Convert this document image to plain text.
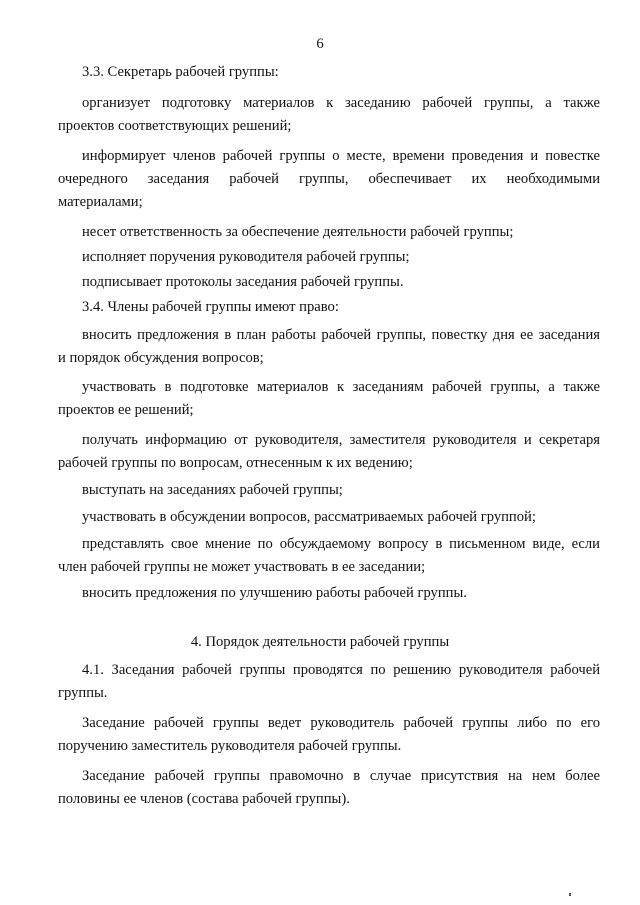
6
3.3. Секретарь рабочей группы:
организует подготовку материалов к заседанию рабочей группы, а также
проектов соответствующих решений;
информирует членов рабочей группы о месте, времени проведения и повестке
очередного заседания рабочей группы, обеспечивает их необходимыми
материалами;
несет ответственность за обеспечение деятельности рабочей группы;
исполняет поручения руководителя рабочей группы;
подписывает протоколы заседания рабочей группы.
3.4. Члены рабочей группы имеют право:
вносить предложения в план работы рабочей группы, повестку дня ее заседания
и порядок обсуждения вопросов;
участвовать в подготовке материалов к заседаниям рабочей группы, а также
проектов ее решений;
получать информацию от руководителя, заместителя руководителя и секретаря
рабочей группы по вопросам, отнесенным к их ведению;
выступать на заседаниях рабочей группы;
участвовать в обсуждении вопросов, рассматриваемых рабочей группой;
представлять свое мнение по обсуждаемому вопросу в письменном виде, если
член рабочей группы не может участвовать в ее заседании;
вносить предложения по улучшению работы рабочей группы.
4. Порядок деятельности рабочей группы
4.1. Заседания рабочей группы проводятся по решению руководителя рабочей
группы.
Заседание рабочей группы ведет руководитель рабочей группы либо по его
поручению заместитель руководителя рабочей группы.
Заседание рабочей группы правомочно в случае присутствия на нем более
половины ее членов (состава рабочей группы).
